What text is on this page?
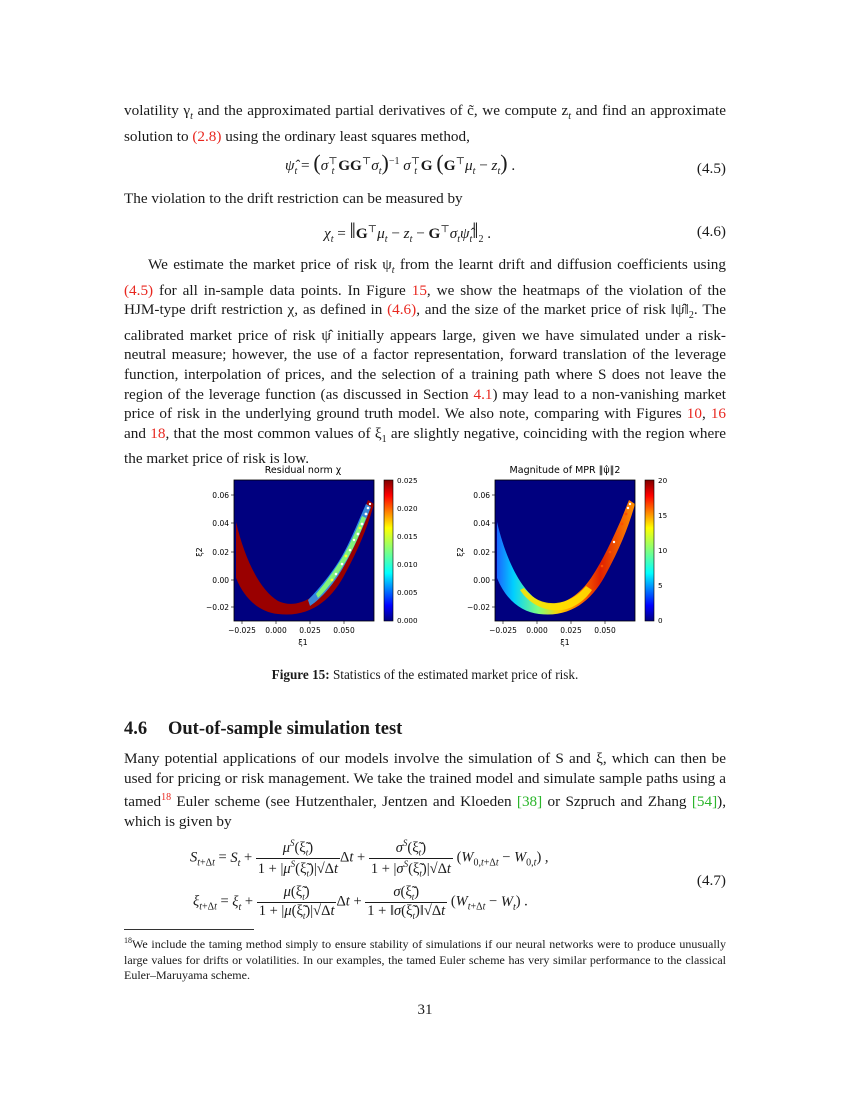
volatility $\gamma_t$ and the approximated partial derivatives of c̃, we compute $z_t$ and find an approximate solution to (2.8) using the ordinary least squares method,

$\psî_t = (\sigma^⊤_t$ $GG^⊤\sigma_t)^{-1}$ $\sigma^⊤_t$ G $(G^⊤\mu_t - z_t)$ .	(4.5)

The violation to the drift restriction can be measured by

$\chi_t$ = $‖G^⊤\mu_t - z_t$ − $G^⊤\sigma_t\psî_t‖_2$ .	(4.6)

We estimate the market price of risk $\psi_t$ from the learnt drift and diffusion coefficients using (4.5) for all in-sample data points. In Figure 15, we show the heatmaps of the violation of the HJM-type drift restriction χ, as defined in (4.6), and the size of the market price of risk $‖\psî‖_2$. The calibrated market price of risk ψ̂ initially appears large, given we have simulated under a risk-neutral measure; however, the use of a factor representation, forward translation of the leverage function, interpolation of prices, and the selection of a training path where S does not leave the region of the leverage function (as discussed in Section 4.1) may lead to a non-vanishing market price of risk in the underlying ground truth model. We also note, comparing with Figures 10, 16 and 18, that the most common values of $\xi_1$ are slightly negative, coinciding with the region where the market price of risk is low.

Residual norm χ
0.06
0.04
0.02
0.00
−0.02
−0.025 0.000 0.025 0.050
ξ1
ξ2
0.025
0.020
0.015
0.010
0.005
0.000
Magnitude of MPR ‖ψ̂‖2
0.06
0.04
0.02
0.00
−0.02
−0.025 0.000 0.025 0.050
ξ1
ξ2
20
15
10
5
0
Figure 15: Statistics of the estimated market price of risk.
4.6 Out-of-sample simulation test

Many potential applications of our models involve the simulation of S and ξ, which can then be used for pricing or risk management. We take the trained model and simulate sample paths using a tamed$^{18}$ Euler scheme (see Hutzenthaler, Jentzen and Kloeden [38] or Szpruch and Zhang [54]), which is given by

$S_{t+\Delta t} = S_t + \frac{\mu^S(\xĩ_t)}{1 + |\mu^S(\xĩ_t)|√\Delta t}$ $\Delta t + \frac{\sigma^S(\xĩ_t)}{1 + |\sigma^S(\xĩ_t)|√\Delta t} (W_{0,t+\Delta t} - W_{0,t})$ ,
$\xi_{t+\Delta t} = \xi_t + \frac{\mu(\xĩ_t)}{1 + |\mu(\xĩ_t)|√\Delta t}$ $\Delta t + \frac{\sigma(\xĩ_t)}{1 + ‖\sigma(\xĩ_t)‖√\Delta t} (W_{t+\Delta t} - W_t)$ .
(4.7)
$^{18}$We include the taming method simply to ensure stability of simulations if our neural networks were to produce unusually large values for drifts or volatilities. In our examples, the tamed Euler scheme has very similar performance to the classical Euler–Maruyama scheme.
31
